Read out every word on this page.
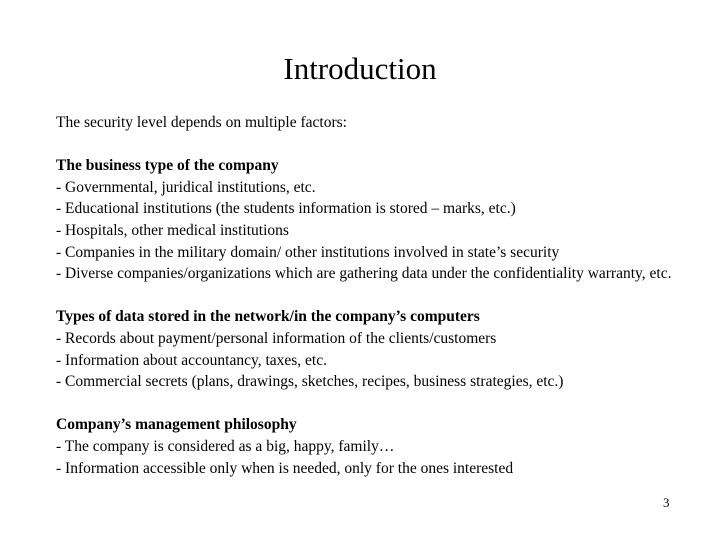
Introduction

The security level depends on multiple factors:

The business type of the company

- Governmental, juridical institutions, etc.
- Educational institutions (the students information is stored – marks, etc.)
- Hospitals, other medical institutions
- Companies in the military domain/ other institutions involved in state’s security
- Diverse companies/organizations which are gathering data under the confidentiality warranty, etc.

Types of data stored in the network/in the company’s computers

- Records about payment/personal information of the clients/customers
- Information about accountancy, taxes, etc.
- Commercial secrets (plans, drawings, sketches, recipes, business strategies, etc.)

Company’s management philosophy

- The company is considered as a big, happy, family…
- Information accessible only when is needed, only for the ones interested
3
